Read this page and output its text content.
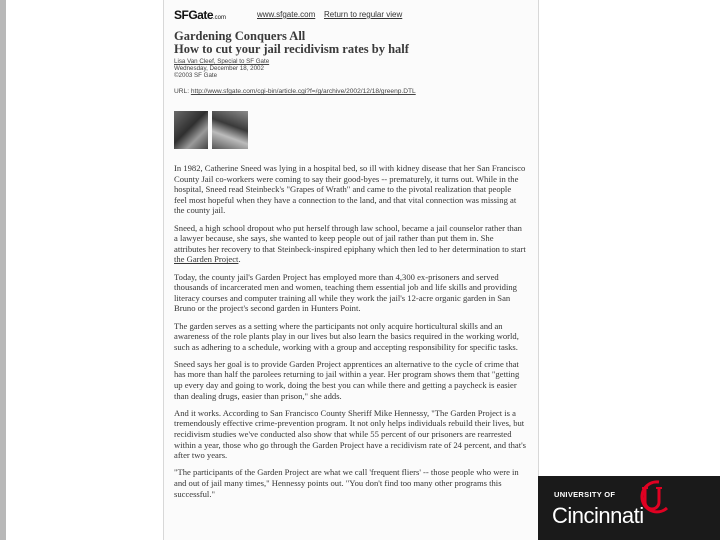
SFGate.com	www.sfgate.com Return to regular view
Gardening Conquers All
How to cut your jail recidivism rates by half
Lisa Van Cleef, Special to SF Gate
Wednesday, December 18, 2002
©2003 SF Gate
URL: http://www.sfgate.com/cgi-bin/article.cgi?f=/g/archive/2002/12/18/greenp.DTL

In 1982, Catherine Sneed was lying in a hospital bed, so ill with kidney disease that her San Francisco County Jail co-workers were coming to say their good-byes -- prematurely, it turns out. While in the hospital, Sneed read Steinbeck's "Grapes of Wrath" and came to the pivotal realization that people feel most hopeful when they have a connection to the land, and that vital connection was missing at the county jail.

Sneed, a high school dropout who put herself through law school, became a jail counselor rather than a lawyer because, she says, she wanted to keep people out of jail rather than put them in. She attributes her recovery to that Steinbeck-inspired epiphany which then led to her determination to start the Garden Project.

Today, the county jail's Garden Project has employed more than 4,300 ex-prisoners and served thousands of incarcerated men and women, teaching them essential job and life skills and providing literacy courses and computer training all while they work the jail's 12-acre organic garden in San Bruno or the project's second garden in Hunters Point.

The garden serves as a setting where the participants not only acquire horticultural skills and an awareness of the role plants play in our lives but also learn the basics required in the working world, such as adhering to a schedule, working with a group and accepting responsibility for specific tasks.

Sneed says her goal is to provide Garden Project apprentices an alternative to the cycle of crime that has more than half the parolees returning to jail within a year. Her program shows them that "getting up every day and going to work, doing the best you can while there and getting a paycheck is easier than dealing drugs, easier than prison," she adds.

And it works. According to San Francisco County Sheriff Mike Hennessy, "The Garden Project is a tremendously effective crime-prevention program. It not only helps individuals rebuild their lives, but recidivism studies we've conducted also show that while 55 percent of our prisoners are rearrested within a year, those who go through the Garden Project have a recidivism rate of 24 percent, and that's after two years.

"The participants of the Garden Project are what we call 'frequent fliers' -- those people who were in and out of jail many times," Hennessy points out. "You don't find too many other programs this successful."	UNIVERSITY OF
Cincinnati
